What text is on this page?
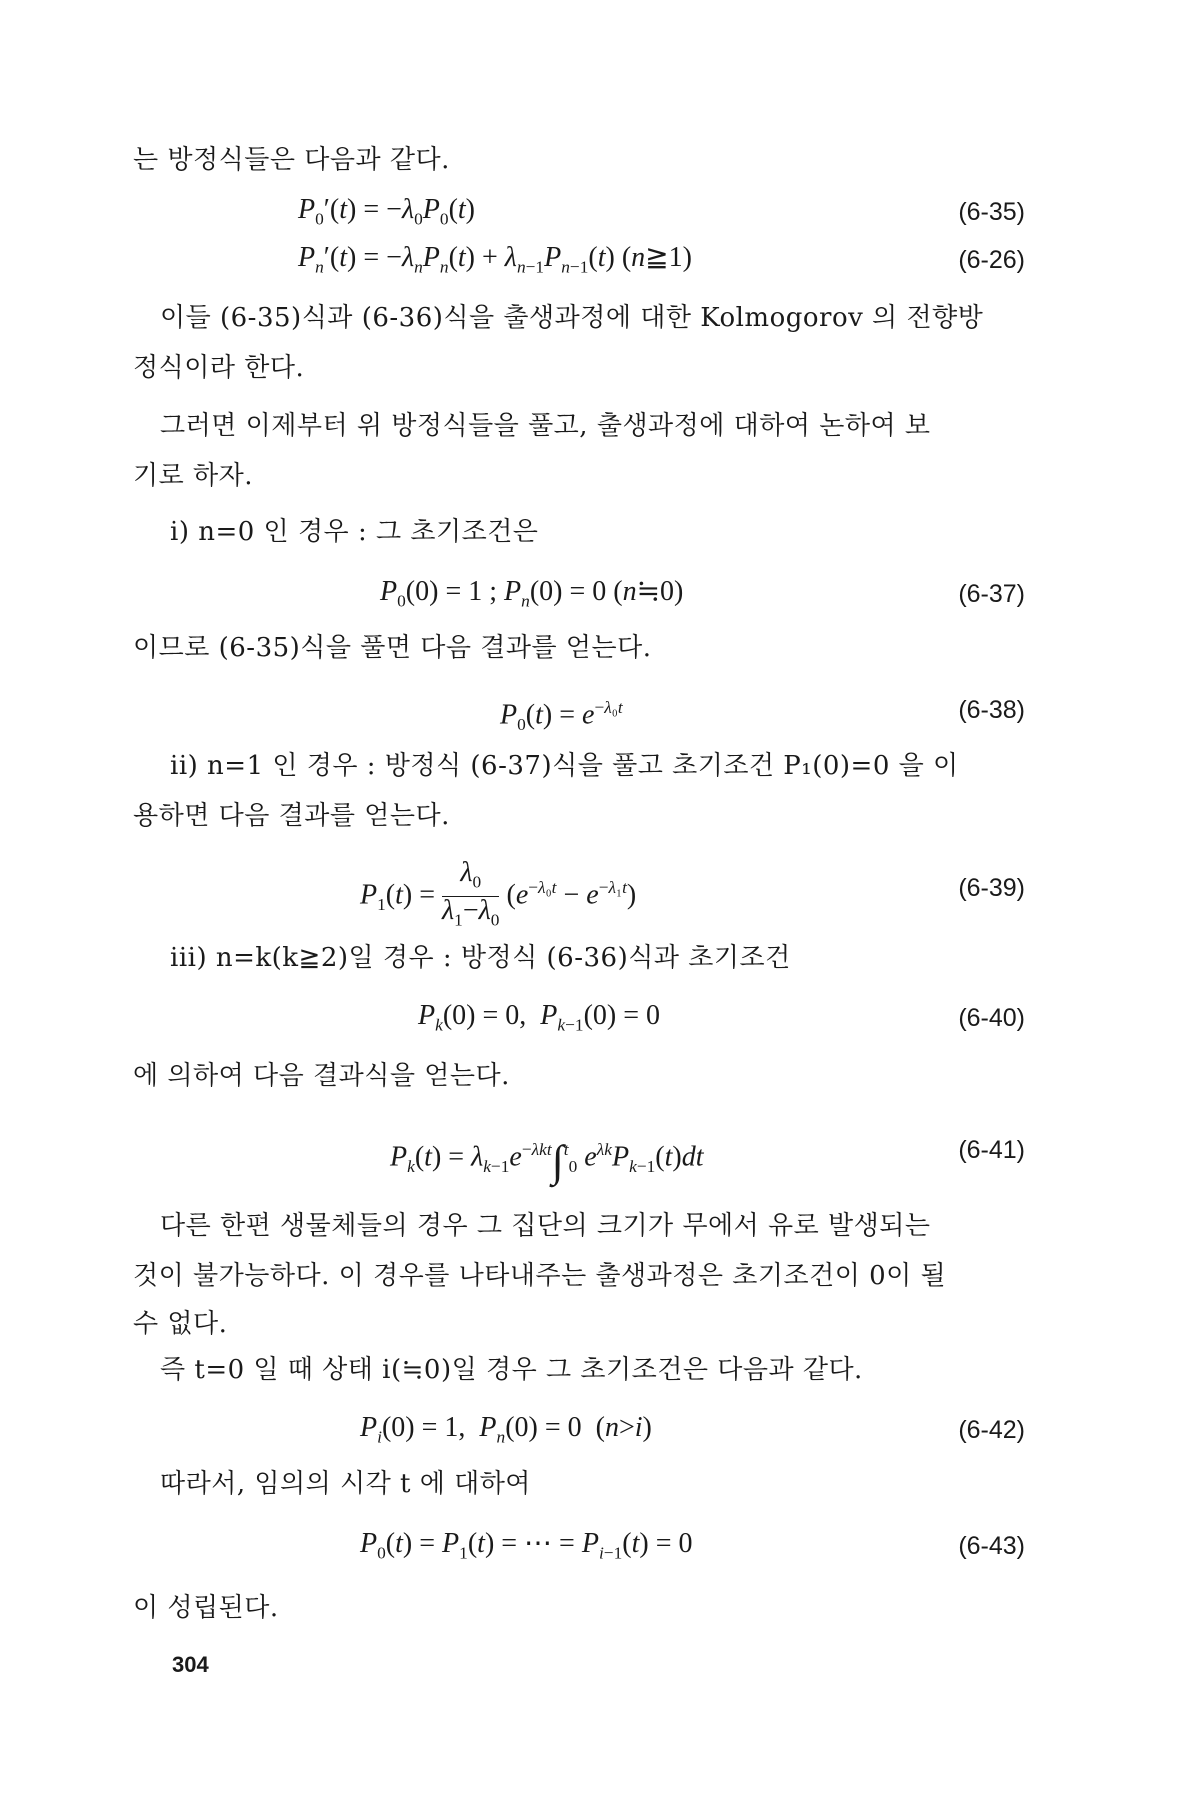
는 방정식들은 다음과 같다.
$P_0'(t) = -\lambda_0P_0(t)$	(6-35)
$P_n'(t) = -\lambda_nP_n(t) + \lambda_{n-1}P_{n-1}(t)$ (n≧1)	(6-26)
이들 (6-35)식과 (6-36)식을 출생과정에 대한 Kolmogorov 의 전향방
정식이라 한다.
그러면 이제부터 위 방정식들을 풀고, 출생과정에 대하여 논하여 보
기로 하자.
i) n=0 인 경우 : 그 초기조건은
$P_0(0) = 1$ ; $P_n(0) = 0$ (n≒0)	(6-37)
이므로 (6-35)식을 풀면 다음 결과를 얻는다.
$P_0(t) = e^{-\lambda_0t}$	(6-38)
ii) n=1 인 경우 : 방정식 (6-37)식을 풀고 초기조건 P₁(0)=0 을 이
용하면 다음 결과를 얻는다.
$P_1(t) = \frac{\lambda_0}{\lambda_1-\lambda_0} (e^{-\lambda_0t} - e^{-\lambda_1t})$	(6-39)
iii) n=k(k≧2)일 경우 : 방정식 (6-36)식과 초기조건
$P_k(0) = 0$,  $P_{k-1}(0) = 0$	(6-40)
에 의하여 다음 결과식을 얻는다.
$P_k(t) = \lambda_{k-1}e^{-\lambda kt}\int^t_0$ $e^{\lambda k}P_{k-1}(t)dt$	(6-41)
다른 한편 생물체들의 경우 그 집단의 크기가 무에서 유로 발생되는
것이 불가능하다. 이 경우를 나타내주는 출생과정은 초기조건이 0이 될
수 없다.
즉 t=0 일 때 상태 i(≒0)일 경우 그 초기조건은 다음과 같다.
$P_i(0) = 1$,  $P_n(0) = 0$  (n>i)	(6-42)
따라서, 임의의 시각 t 에 대하여
$P_0(t) = P_1(t)$ = ⋯ = $P_{i-1}(t) = 0$	(6-43)
이 성립된다.
304
